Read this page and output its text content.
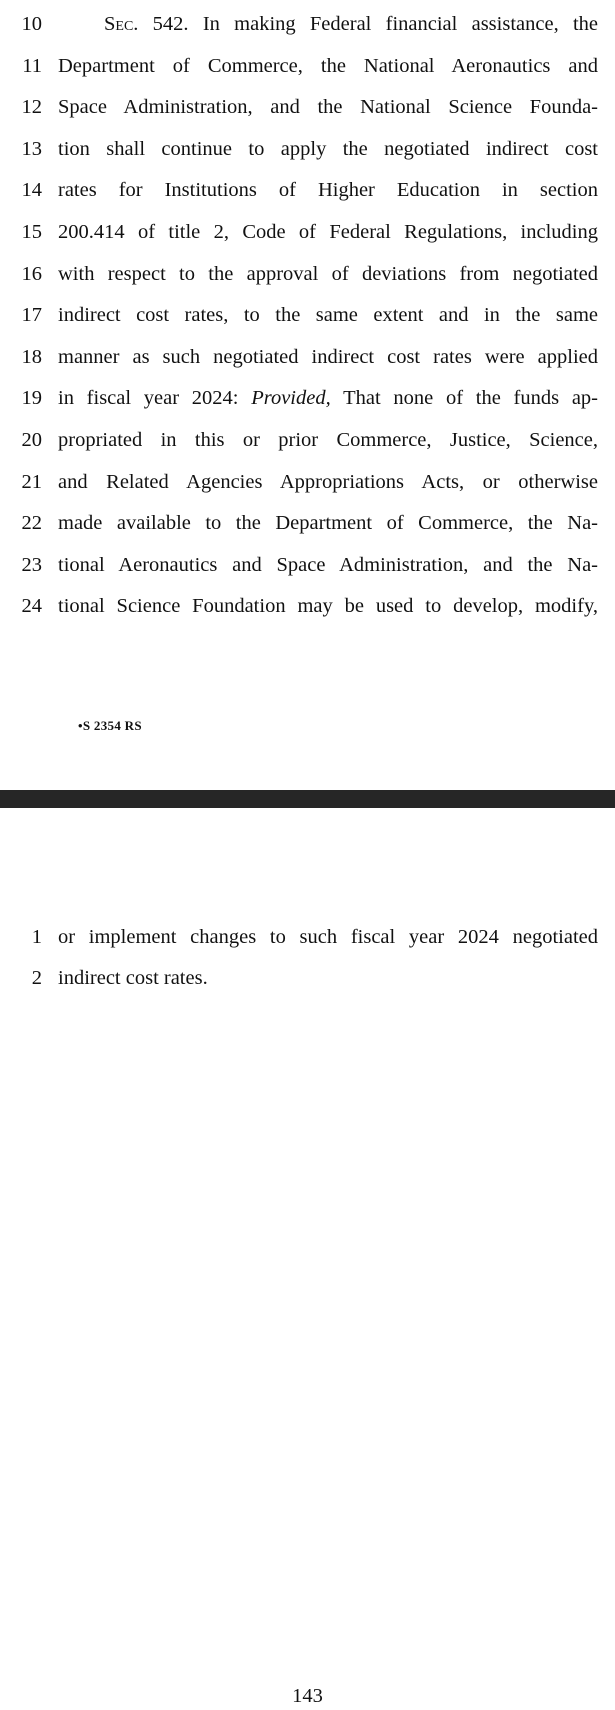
10	Sec. 542. In making Federal financial assistance, the
11 Department of Commerce, the National Aeronautics and
12 Space Administration, and the National Science Founda-
13 tion shall continue to apply the negotiated indirect cost
14 rates for Institutions of Higher Education in section
15 200.414 of title 2, Code of Federal Regulations, including
16 with respect to the approval of deviations from negotiated
17 indirect cost rates, to the same extent and in the same
18 manner as such negotiated indirect cost rates were applied
19 in fiscal year 2024: Provided, That none of the funds ap-
20 propriated in this or prior Commerce, Justice, Science,
21 and Related Agencies Appropriations Acts, or otherwise
22 made available to the Department of Commerce, the Na-
23 tional Aeronautics and Space Administration, and the Na-
24 tional Science Foundation may be used to develop, modify,
•S 2354 RS
143
1 or implement changes to such fiscal year 2024 negotiated
2 indirect cost rates.
